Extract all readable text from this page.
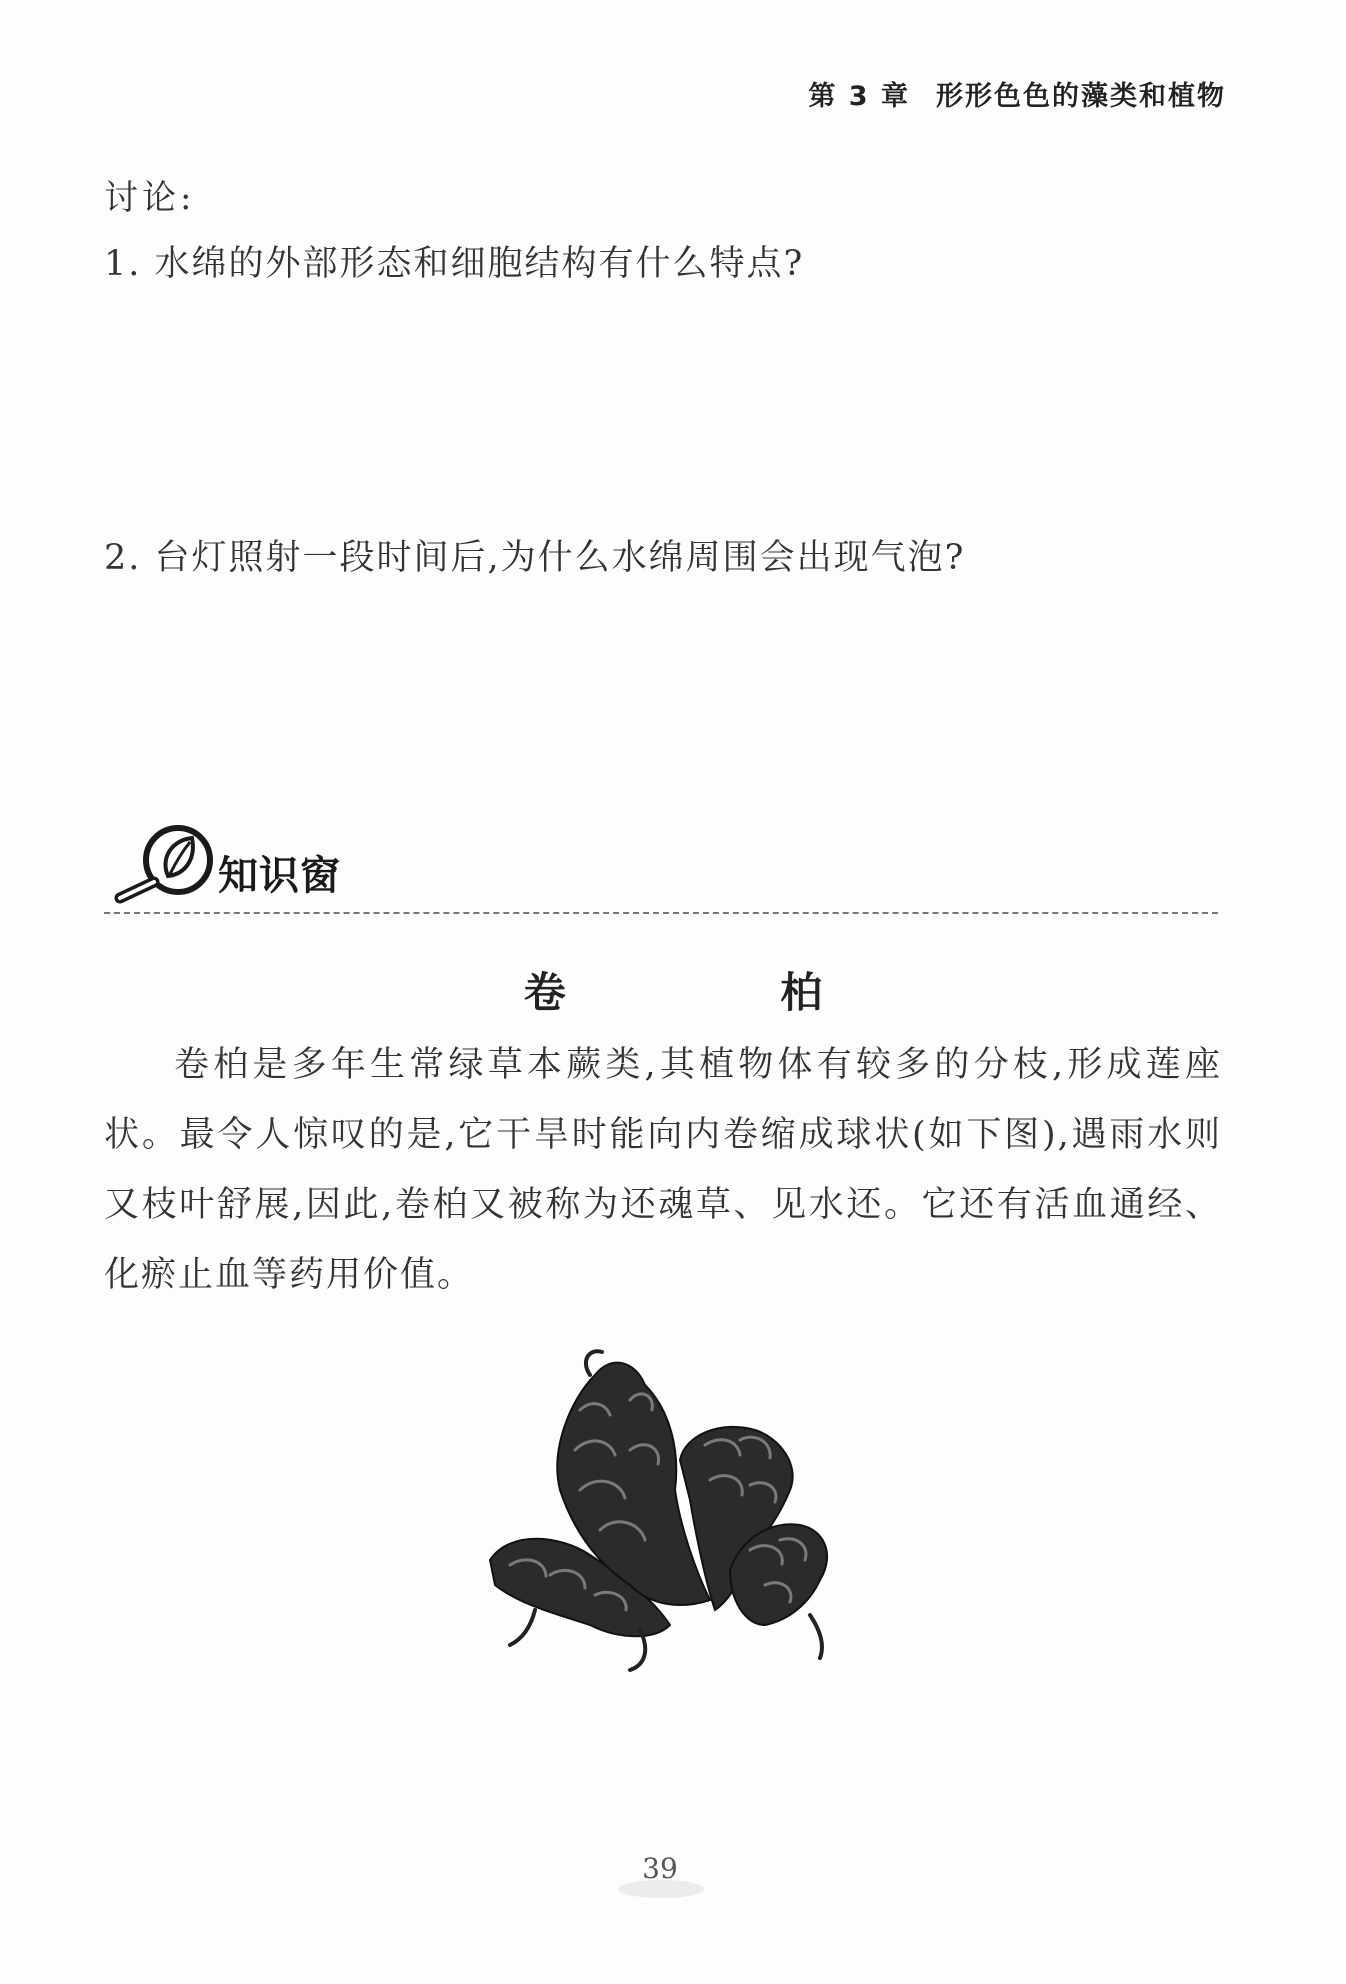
第 3 章 形形色色的藻类和植物
讨论:
1. 水绵的外部形态和细胞结构有什么特点?
2. 台灯照射一段时间后,为什么水绵周围会出现气泡?
知识窗
卷 柏

卷柏是多年生常绿草本蕨类,其植物体有较多的分枝,形成莲座状。最令人惊叹的是,它干旱时能向内卷缩成球状(如下图),遇雨水则又枝叶舒展,因此,卷柏又被称为还魂草、见水还。它还有活血通经、化瘀止血等药用价值。

39
